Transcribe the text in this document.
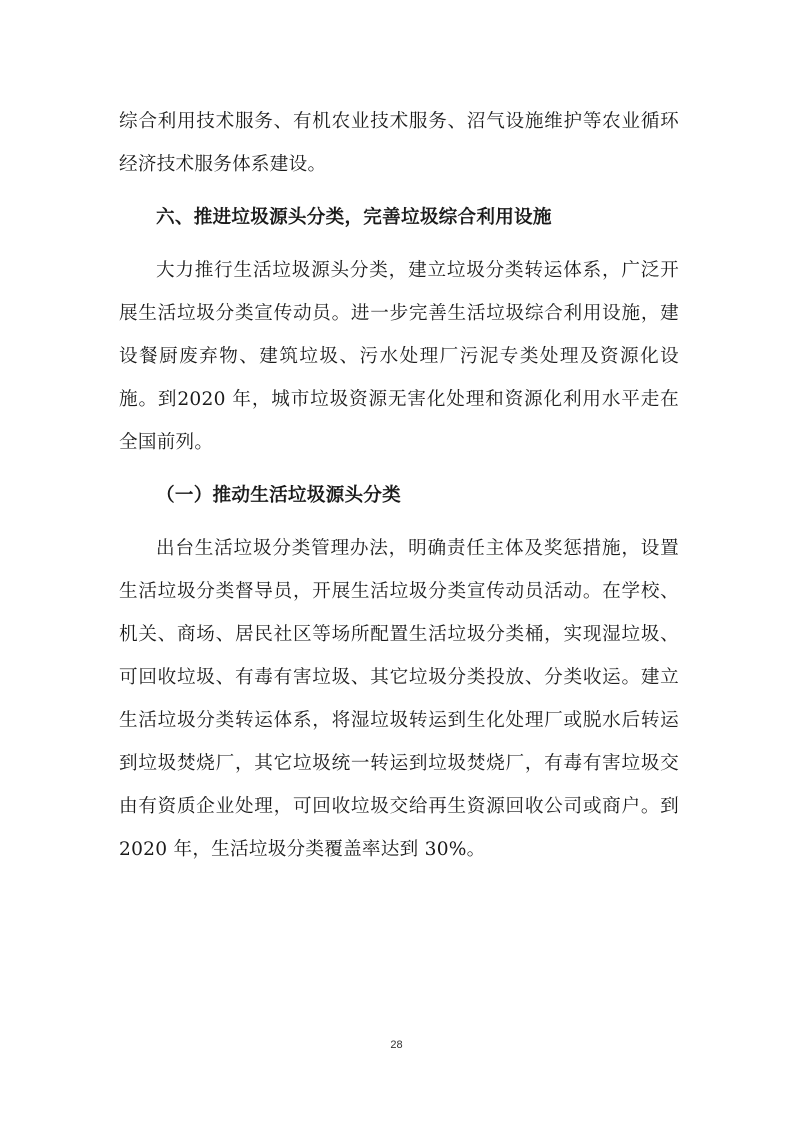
综合利用技术服务、有机农业技术服务、沼气设施维护等农业循环经济技术服务体系建设。

六、推进垃圾源头分类，完善垃圾综合利用设施

大力推行生活垃圾源头分类，建立垃圾分类转运体系，广泛开展生活垃圾分类宣传动员。进一步完善生活垃圾综合利用设施，建设餐厨废弃物、建筑垃圾、污水处理厂污泥专类处理及资源化设施。到2020 年，城市垃圾资源无害化处理和资源化利用水平走在全国前列。

（一）推动生活垃圾源头分类

出台生活垃圾分类管理办法，明确责任主体及奖惩措施，设置生活垃圾分类督导员，开展生活垃圾分类宣传动员活动。在学校、机关、商场、居民社区等场所配置生活垃圾分类桶，实现湿垃圾、可回收垃圾、有毒有害垃圾、其它垃圾分类投放、分类收运。建立生活垃圾分类转运体系，将湿垃圾转运到生化处理厂或脱水后转运到垃圾焚烧厂，其它垃圾统一转运到垃圾焚烧厂，有毒有害垃圾交由有资质企业处理，可回收垃圾交给再生资源回收公司或商户。到 2020 年，生活垃圾分类覆盖率达到 30%。

28
